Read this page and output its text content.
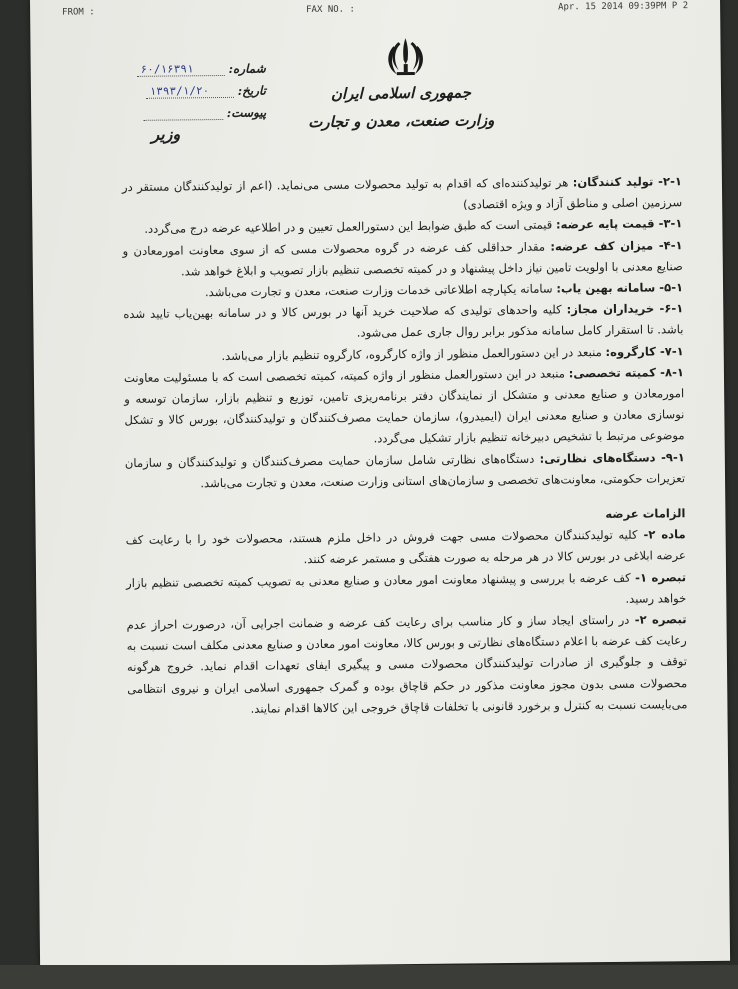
FROM :	FAX NO. :	Apr. 15 2014 09:39PM P 2
جمهوری اسلامی ایران
وزارت صنعت، معدن و تجارت
وزیر
شماره:
۶۰/۱۶۳۹۱
تاریخ:
۱۳۹۳/۱/۲۰
پیوست:

۲-۱- تولید کنندگان: هر تولیدکننده‌ای که اقدام به تولید محصولات مسی می‌نماید. (اعم از تولیدکنندگان مستقر در سرزمین اصلی و مناطق آزاد و ویژه اقتصادی)

۳-۱- قیمت پایه عرضه: قیمتی است که طبق ضوابط این دستورالعمل تعیین و در اطلاعیه عرضه درج می‌گردد.

۴-۱- میزان کف عرضه: مقدار حداقلی کف عرضه در گروه محصولات مسی که از سوی معاونت امورمعادن و صنایع معدنی با اولویت تامین نیاز داخل پیشنهاد و در کمیته تخصصی تنظیم بازار تصویب و ابلاغ خواهد شد.

۵-۱- سامانه بهین یاب: سامانه یکپارچه اطلاعاتی خدمات وزارت صنعت، معدن و تجارت می‌باشد.

۶-۱- خریداران مجاز: کلیه واحدهای تولیدی که صلاحیت خرید آنها در بورس کالا و در سامانه بهین‌یاب تایید شده باشد. تا استقرار کامل سامانه مذکور برابر روال جاری عمل می‌شود.

۷-۱- کارگروه: منبعد در این دستورالعمل منظور از واژه کارگروه، کارگروه تنظیم بازار می‌باشد.

۸-۱- کمیته تخصصی: منبعد در این دستورالعمل منظور از واژه کمیته، کمیته تخصصی است که با مسئولیت معاونت امورمعادن و صنایع معدنی و متشکل از نمایندگان دفتر برنامه‌ریزی تامین، توزیع و تنظیم بازار، سازمان توسعه و نوسازی معادن و صنایع معدنی ایران (ایمیدرو)، سازمان حمایت مصرف‌کنندگان و تولیدکنندگان، بورس کالا و تشکل موضوعی مرتبط با تشخیص دبیرخانه تنظیم بازار تشکیل می‌گردد.

۹-۱- دستگاه‌های نظارتی: دستگاه‌های نظارتی شامل سازمان حمایت مصرف‌کنندگان و تولیدکنندگان و سازمان تعزیرات حکومتی، معاونت‌های تخصصی و سازمان‌های استانی وزارت صنعت، معدن و تجارت می‌باشد.

الزامات عرضه

ماده ۲- کلیه تولیدکنندگان محصولات مسی جهت فروش در داخل ملزم هستند، محصولات خود را با رعایت کف عرضه ابلاغی در بورس کالا در هر مرحله به صورت هفتگی و مستمر عرضه کنند.

تبصره ۱- کف عرضه با بررسی و پیشنهاد معاونت امور معادن و صنایع معدنی به تصویب کمیته تخصصی تنظیم بازار خواهد رسید.

تبصره ۲- در راستای ایجاد ساز و کار مناسب برای رعایت کف عرضه و ضمانت اجرایی آن، درصورت احراز عدم رعایت کف عرضه با اعلام دستگاه‌های نظارتی و بورس کالا، معاونت امور معادن و صنایع معدنی مکلف است نسبت به توقف و جلوگیری از صادرات تولیدکنندگان محصولات مسی و پیگیری ایفای تعهدات اقدام نماید. خروج هرگونه محصولات مسی بدون مجوز معاونت مذکور در حکم قاچاق بوده و گمرک جمهوری اسلامی ایران و نیروی انتظامی می‌بایست نسبت به کنترل و برخورد قانونی با تخلفات قاچاق خروجی این کالاها اقدام نمایند.
